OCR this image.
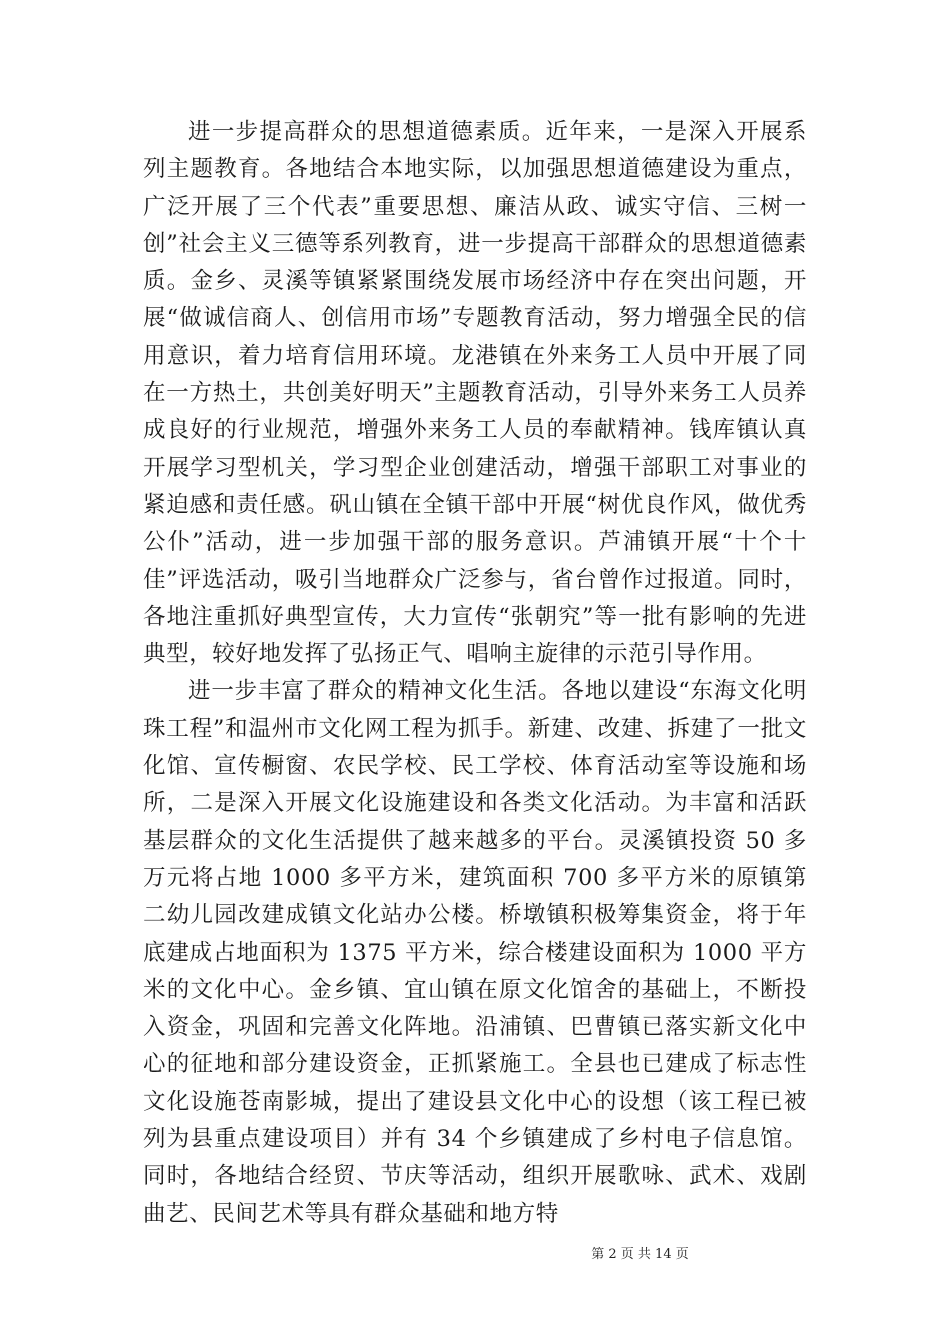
进一步提高群众的思想道德素质。近年来，一是深入开展系列主题教育。各地结合本地实际，以加强思想道德建设为重点，广泛开展了三个代表”重要思想、廉洁从政、诚实守信、三树一创”社会主义三德等系列教育，进一步提高干部群众的思想道德素质。金乡、灵溪等镇紧紧围绕发展市场经济中存在突出问题，开展“做诚信商人、创信用市场”专题教育活动，努力增强全民的信用意识，着力培育信用环境。龙港镇在外来务工人员中开展了同在一方热土，共创美好明天”主题教育活动，引导外来务工人员养成良好的行业规范，增强外来务工人员的奉献精神。钱库镇认真开展学习型机关，学习型企业创建活动，增强干部职工对事业的紧迫感和责任感。矾山镇在全镇干部中开展“树优良作风，做优秀公仆”活动，进一步加强干部的服务意识。芦浦镇开展“十个十佳”评选活动，吸引当地群众广泛参与，省台曾作过报道。同时，各地注重抓好典型宣传，大力宣传“张朝究”等一批有影响的先进典型，较好地发挥了弘扬正气、唱响主旋律的示范引导作用。

进一步丰富了群众的精神文化生活。各地以建设“东海文化明珠工程”和温州市文化网工程为抓手。新建、改建、拆建了一批文化馆、宣传橱窗、农民学校、民工学校、体育活动室等设施和场所，二是深入开展文化设施建设和各类文化活动。为丰富和活跃基层群众的文化生活提供了越来越多的平台。灵溪镇投资 50 多万元将占地 1000 多平方米，建筑面积 700 多平方米的原镇第二幼儿园改建成镇文化站办公楼。桥墩镇积极筹集资金，将于年底建成占地面积为 1375 平方米，综合楼建设面积为 1000 平方米的文化中心。金乡镇、宜山镇在原文化馆舍的基础上，不断投入资金，巩固和完善文化阵地。沿浦镇、巴曹镇已落实新文化中心的征地和部分建设资金，正抓紧施工。全县也已建成了标志性文化设施苍南影城，提出了建设县文化中心的设想（该工程已被列为县重点建设项目）并有 34 个乡镇建成了乡村电子信息馆。同时，各地结合经贸、节庆等活动，组织开展歌咏、武术、戏剧曲艺、民间艺术等具有群众基础和地方特

第 2 页 共 14 页
